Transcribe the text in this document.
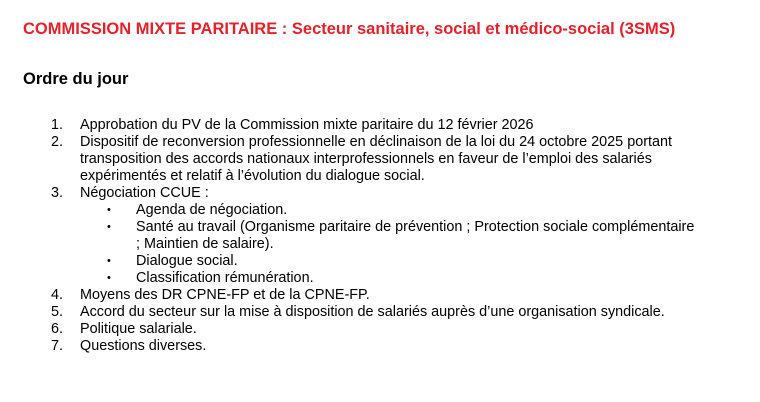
COMMISSION MIXTE PARITAIRE : Secteur sanitaire, social et médico-social (3SMS)
Ordre du jour
1. Approbation du PV de la Commission mixte paritaire du 12 février 2026
2. Dispositif de reconversion professionnelle en déclinaison de la loi du 24 octobre 2025 portant transposition des accords nationaux interprofessionnels en faveur de l’emploi des salariés expérimentés et relatif à l’évolution du dialogue social.
3. Négociation CCUE :
• Agenda de négociation.
• Santé au travail (Organisme paritaire de prévention ; Protection sociale complémentaire ; Maintien de salaire).
• Dialogue social.
• Classification rémunération.
4. Moyens des DR CPNE-FP et de la CPNE-FP.
5. Accord du secteur sur la mise à disposition de salariés auprès d’une organisation syndicale.
6. Politique salariale.
7. Questions diverses.
